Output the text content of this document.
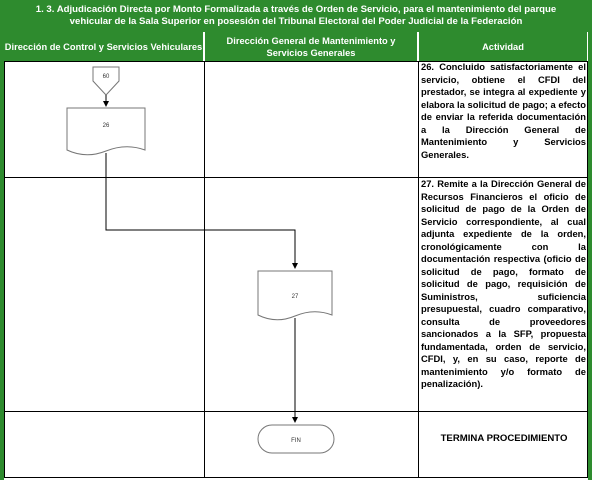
1. 3. Adjudicación Directa por Monto Formalizada a través de Orden de Servicio, para el mantenimiento del parque
vehicular de la Sala Superior en posesión del Tribunal Electoral del Poder Judicial de la Federación
Dirección de Control y Servicios Vehiculares
Dirección General de Mantenimiento y Servicios Generales
Actividad
60
26
27
FIN
26. Concluido satisfactoriamente el servicio, obtiene el CFDI del prestador, se integra al expediente y elabora la solicitud de pago; a efecto de enviar la referida documentación a la Dirección General de Mantenimiento y Servicios Generales.
27. Remite a la Dirección General de Recursos Financieros el oficio de solicitud de pago de la Orden de Servicio correspondiente, al cual adjunta expediente de la orden, cronológicamente con la documentación respectiva (oficio de solicitud de pago, formato de solicitud de pago, requisición de Suministros, suficiencia presupuestal, cuadro comparativo, consulta de proveedores sancionados a la SFP, propuesta fundamentada, orden de servicio, CFDI, y, en su caso, reporte de mantenimiento y/o formato de penalización).
TERMINA PROCEDIMIENTO
